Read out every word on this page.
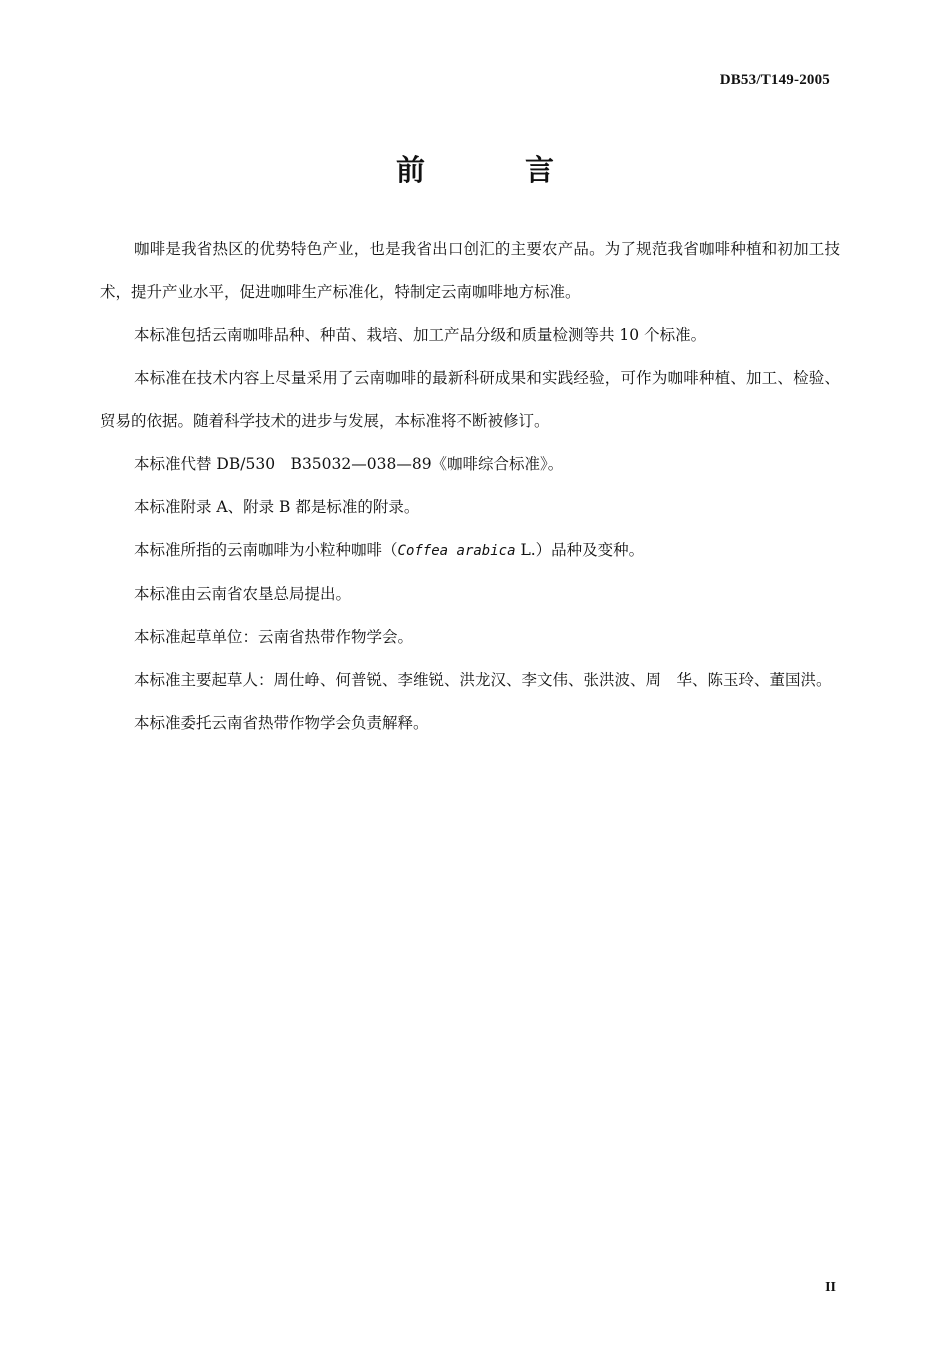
DB53/T149-2005
前言

咖啡是我省热区的优势特色产业，也是我省出口创汇的主要农产品。为了规范我省咖啡种植和初加工技术，提升产业水平，促进咖啡生产标准化，特制定云南咖啡地方标准。

本标准包括云南咖啡品种、种苗、栽培、加工产品分级和质量检测等共 10 个标准。

本标准在技术内容上尽量采用了云南咖啡的最新科研成果和实践经验，可作为咖啡种植、加工、检验、贸易的依据。随着科学技术的进步与发展，本标准将不断被修订。

本标准代替 DB/530　B35032—038—89《咖啡综合标准》。

本标准附录 A、附录 B 都是标准的附录。

本标准所指的云南咖啡为小粒种咖啡（Coffea arabica L.）品种及变种。

本标准由云南省农垦总局提出。

本标准起草单位：云南省热带作物学会。

本标准主要起草人：周仕峥、何普锐、李维锐、洪龙汉、李文伟、张洪波、周　华、陈玉玲、董国洪。

本标准委托云南省热带作物学会负责解释。

II
